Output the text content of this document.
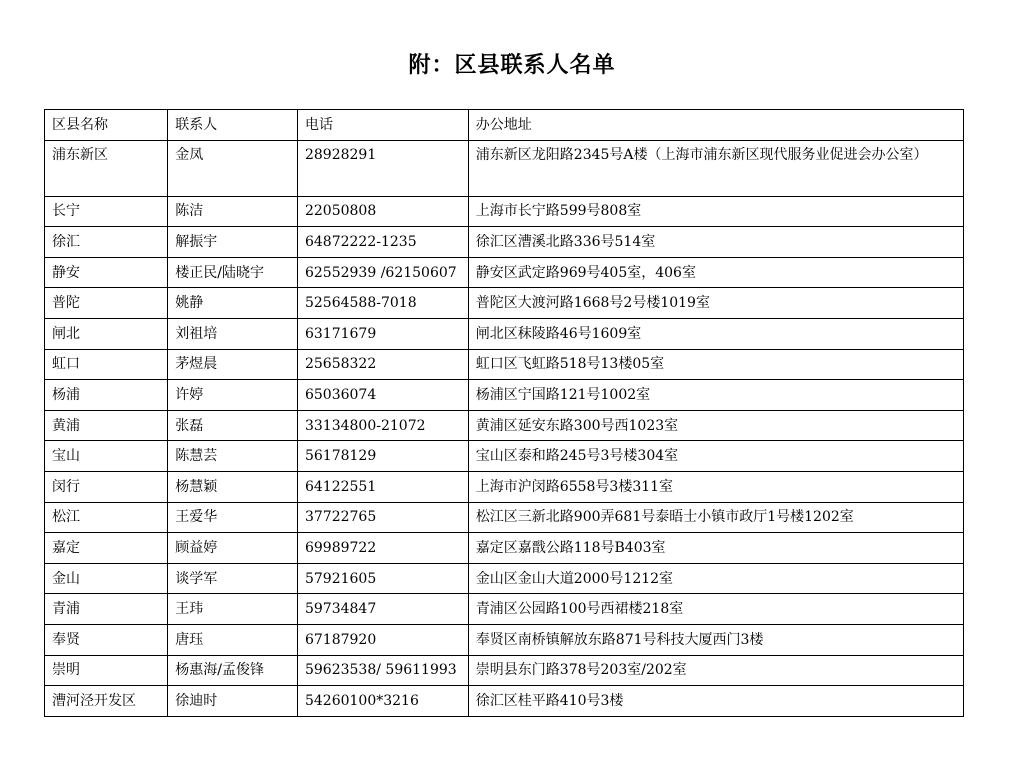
附：区县联系人名单
区县名称	联系人	电话	办公地址
浦东新区	金凤	28928291	浦东新区龙阳路2345号A楼（上海市浦东新区现代服务业促进会办公室）
长宁	陈洁	22050808	上海市长宁路599号808室
徐汇	解振宇	64872222-1235	徐汇区漕溪北路336号514室
静安	楼正民/陆晓宇	62552939 /62150607	静安区武定路969号405室，406室
普陀	姚静	52564588-7018	普陀区大渡河路1668号2号楼1019室
闸北	刘祖培	63171679	闸北区秣陵路46号1609室
虹口	茅煜晨	25658322	虹口区飞虹路518号13楼05室
杨浦	许婷	65036074	杨浦区宁国路121号1002室
黄浦	张磊	33134800-21072	黄浦区延安东路300号西1023室
宝山	陈慧芸	56178129	宝山区泰和路245号3号楼304室
闵行	杨慧颖	64122551	上海市沪闵路6558号3楼311室
松江	王爱华	37722765	松江区三新北路900弄681号泰晤士小镇市政厅1号楼1202室
嘉定	顾益婷	69989722	嘉定区嘉戬公路118号B403室
金山	谈学军	57921605	金山区金山大道2000号1212室
青浦	王玮	59734847	青浦区公园路100号西裙楼218室
奉贤	唐珏	67187920	奉贤区南桥镇解放东路871号科技大厦西门3楼
崇明	杨惠海/孟俊锋	59623538/ 59611993	崇明县东门路378号203室/202室
漕河泾开发区	徐迪时	54260100*3216	徐汇区桂平路410号3楼
